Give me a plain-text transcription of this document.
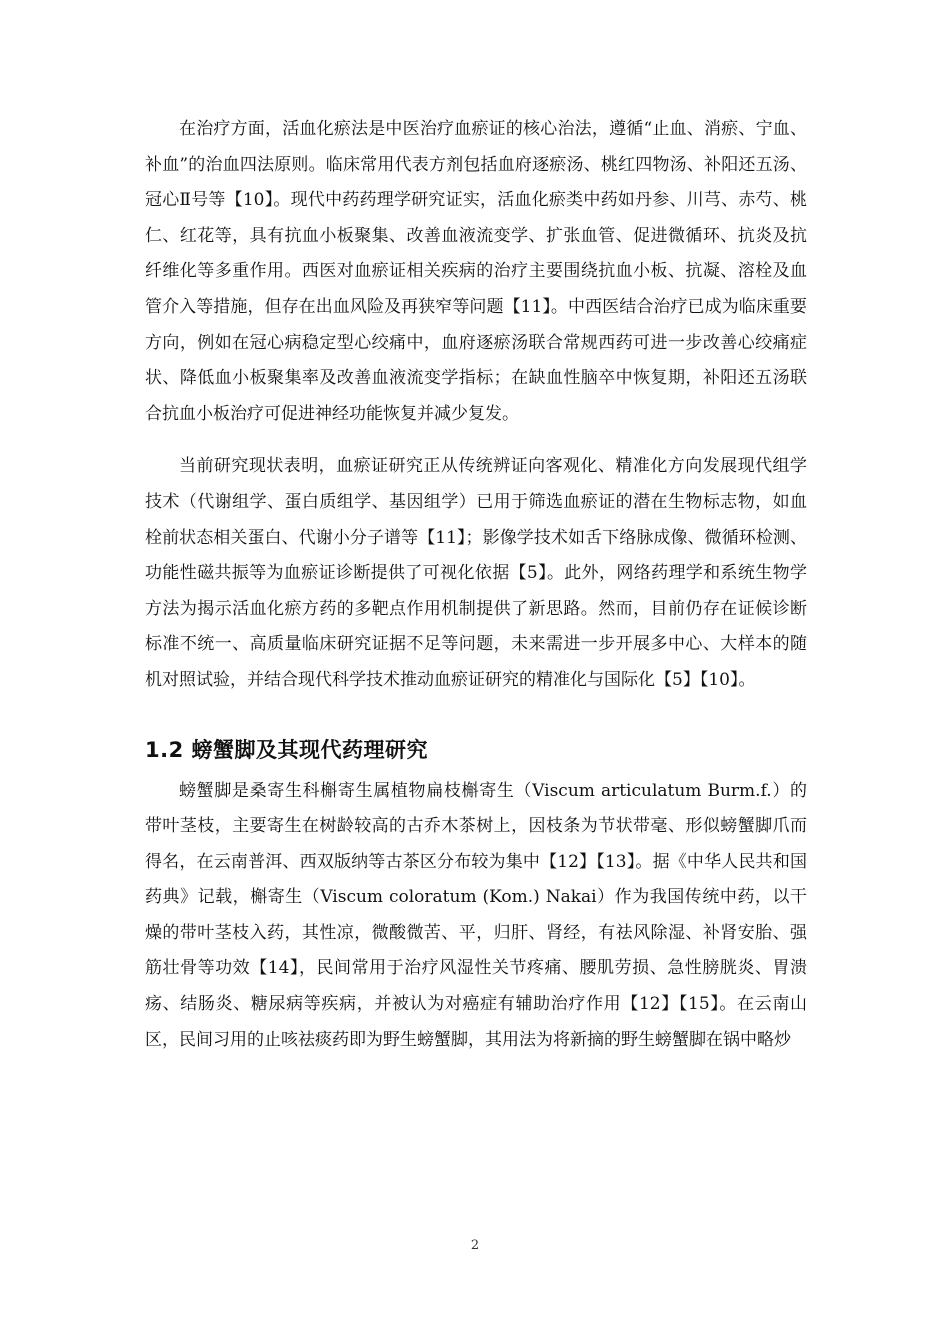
在治疗方面，活血化瘀法是中医治疗血瘀证的核心治法，遵循“止血、消瘀、宁血、补血”的治血四法原则。临床常用代表方剂包括血府逐瘀汤、桃红四物汤、补阳还五汤、冠心Ⅱ号等【10】。现代中药药理学研究证实，活血化瘀类中药如丹参、川芎、赤芍、桃仁、红花等，具有抗血小板聚集、改善血液流变学、扩张血管、促进微循环、抗炎及抗纤维化等多重作用。西医对血瘀证相关疾病的治疗主要围绕抗血小板、抗凝、溶栓及血管介入等措施，但存在出血风险及再狭窄等问题【11】。中西医结合治疗已成为临床重要方向，例如在冠心病稳定型心绞痛中，血府逐瘀汤联合常规西药可进一步改善心绞痛症状、降低血小板聚集率及改善血液流变学指标；在缺血性脑卒中恢复期，补阳还五汤联合抗血小板治疗可促进神经功能恢复并减少复发。

当前研究现状表明，血瘀证研究正从传统辨证向客观化、精准化方向发展现代组学技术（代谢组学、蛋白质组学、基因组学）已用于筛选血瘀证的潜在生物标志物，如血栓前状态相关蛋白、代谢小分子谱等【11】；影像学技术如舌下络脉成像、微循环检测、功能性磁共振等为血瘀证诊断提供了可视化依据【5】。此外，网络药理学和系统生物学方法为揭示活血化瘀方药的多靶点作用机制提供了新思路。然而，目前仍存在证候诊断标准不统一、高质量临床研究证据不足等问题，未来需进一步开展多中心、大样本的随机对照试验，并结合现代科学技术推动血瘀证研究的精准化与国际化【5】【10】。

1.2 螃蟹脚及其现代药理研究

螃蟹脚是桑寄生科槲寄生属植物扁枝槲寄生（Viscum articulatum Burm.f.）的带叶茎枝，主要寄生在树龄较高的古乔木茶树上，因枝条为节状带毫、形似螃蟹脚爪而得名，在云南普洱、西双版纳等古茶区分布较为集中【12】【13】。据《中华人民共和国药典》记载，槲寄生（Viscum coloratum (Kom.) Nakai）作为我国传统中药，以干燥的带叶茎枝入药，其性凉，微酸微苦、平，归肝、肾经，有祛风除湿、补肾安胎、强筋壮骨等功效【14】，民间常用于治疗风湿性关节疼痛、腰肌劳损、急性膀胱炎、胃溃疡、结肠炎、糖尿病等疾病，并被认为对癌症有辅助治疗作用【12】【15】。在云南山区，民间习用的止咳祛痰药即为野生螃蟹脚，其用法为将新摘的野生螃蟹脚在锅中略炒

2
